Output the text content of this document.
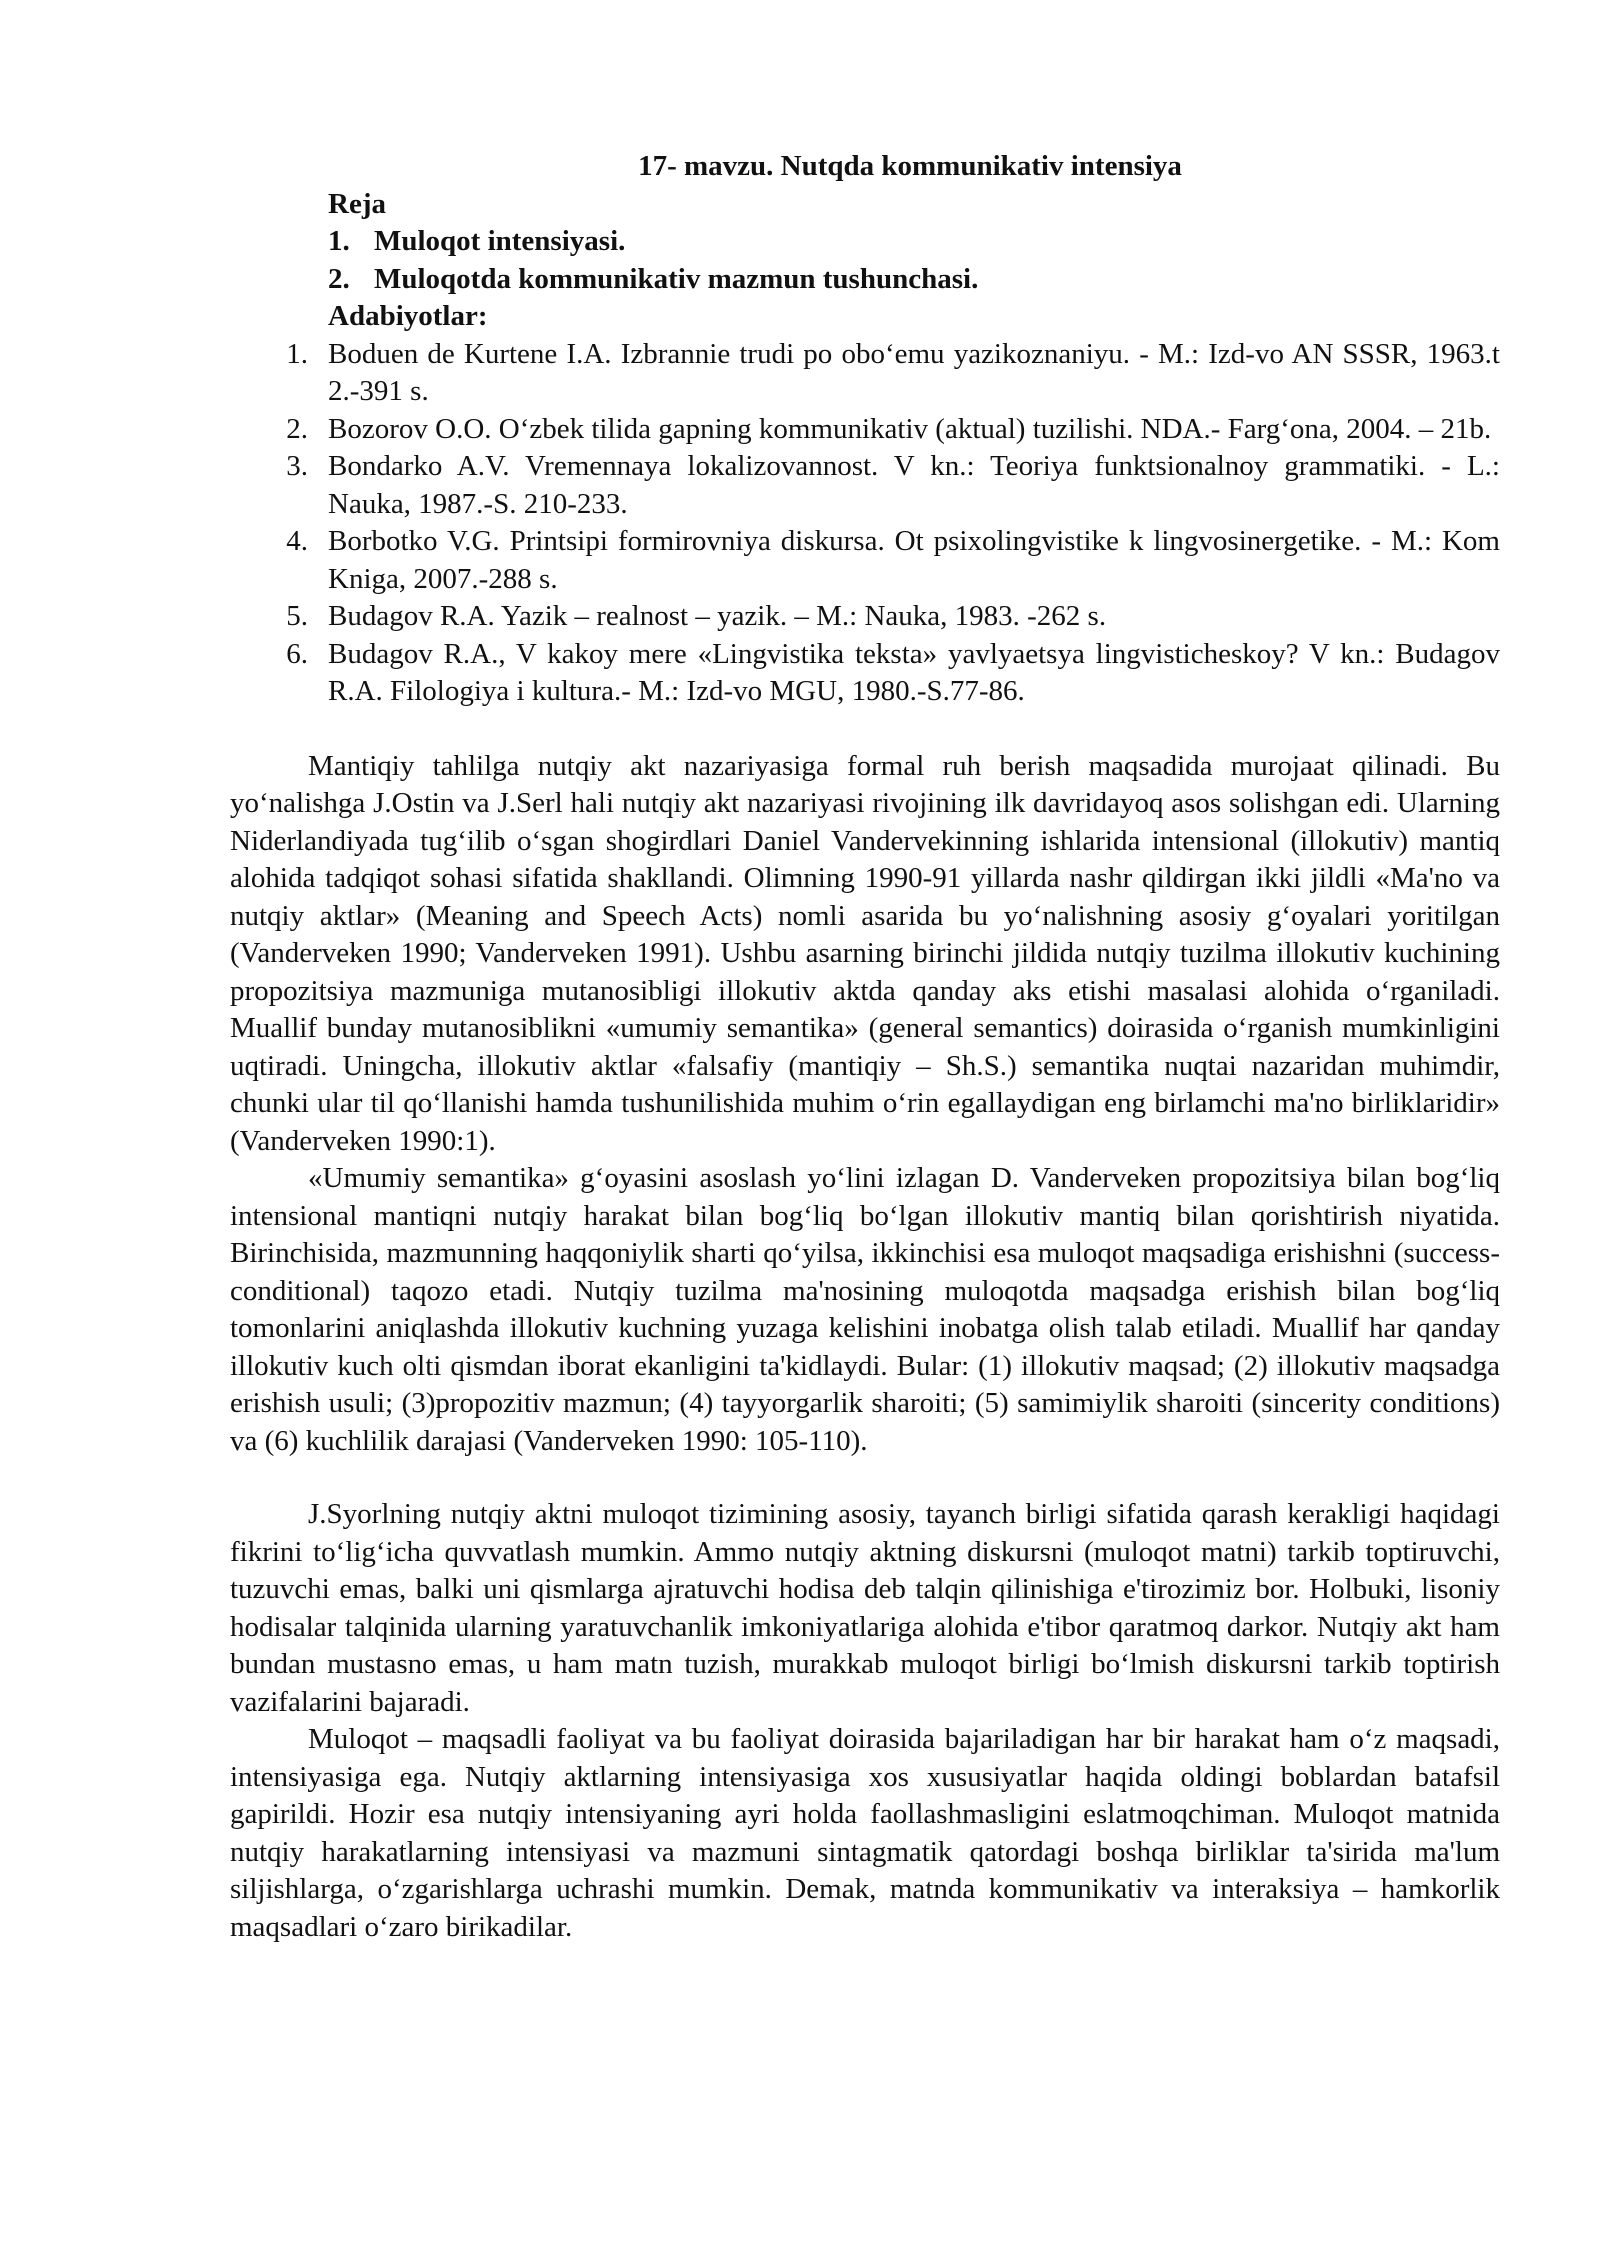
17- mavzu. Nutqda kommunikativ intensiya
Reja
1. Muloqot intensiyasi.
2. Muloqotda kommunikativ mazmun tushunchasi.
Adabiyotlar:
1. Boduen de Kurtene I.A. Izbrannie trudi po obo‘emu yazikoznaniyu. - M.: Izd-vo AN SSSR, 1963.t 2.-391 s.
2. Bozorov O.O. O‘zbek tilida gapning kommunikativ (aktual) tuzilishi. NDA.- Farg‘ona, 2004. – 21b.
3. Bondarko A.V. Vremennaya lokalizovannost. V kn.: Teoriya funktsionalnoy grammatiki. - L.: Nauka, 1987.-S. 210-233.
4. Borbotko V.G. Printsipi formirovniya diskursa. Ot psixolingvistike k lingvosinergetike. - M.: Kom Kniga, 2007.-288 s.
5. Budagov R.A. Yazik – realnost – yazik. – M.: Nauka, 1983. -262 s.
6. Budagov R.A., V kakoy mere «Lingvistika teksta» yavlyaetsya lingvisticheskoy? V kn.: Budagov R.A. Filologiya i kultura.- M.: Izd-vo MGU, 1980.-S.77-86.

Mantiqiy tahlilga nutqiy akt nazariyasiga formal ruh berish maqsadida murojaat qilinadi. Bu yo‘nalishga J.Ostin va J.Serl hali nutqiy akt nazariyasi rivojining ilk davridayoq asos solishgan edi. Ularning Niderlandiyada tug‘ilib o‘sgan shogirdlari Daniel Vandervekinning ishlarida intensional (illokutiv) mantiq alohida tadqiqot sohasi sifatida shakllandi. Olimning 1990-91 yillarda nashr qildirgan ikki jildli «Ma'no va nutqiy aktlar» (Meaning and Speech Acts) nomli asarida bu yo‘nalishning asosiy g‘oyalari yoritilgan (Vanderveken 1990; Vanderveken 1991). Ushbu asarning birinchi jildida nutqiy tuzilma illokutiv kuchining propozitsiya mazmuniga mutanosibligi illokutiv aktda qanday aks etishi masalasi alohida o‘rganiladi. Muallif bunday mutanosiblikni «umumiy semantika» (general semantics) doirasida o‘rganish mumkinligini uqtiradi. Uningcha, illokutiv aktlar «falsafiy (mantiqiy – Sh.S.) semantika nuqtai nazaridan muhimdir, chunki ular til qo‘llanishi hamda tushunilishida muhim o‘rin egallaydigan eng birlamchi ma'no birliklaridir» (Vanderveken 1990:1).

«Umumiy semantika» g‘oyasini asoslash yo‘lini izlagan D. Vanderveken propozitsiya bilan bog‘liq intensional mantiqni nutqiy harakat bilan bog‘liq bo‘lgan illokutiv mantiq bilan qorishtirish niyatida. Birinchisida, mazmunning haqqoniylik sharti qo‘yilsa, ikkinchisi esa muloqot maqsadiga erishishni (success- conditional) taqozo etadi. Nutqiy tuzilma ma'nosining muloqotda maqsadga erishish bilan bog‘liq tomonlarini aniqlashda illokutiv kuchning yuzaga kelishini inobatga olish talab etiladi. Muallif har qanday illokutiv kuch olti qismdan iborat ekanligini ta'kidlaydi. Bular: (1) illokutiv maqsad; (2) illokutiv maqsadga erishish usuli; (3)propozitiv mazmun; (4) tayyorgarlik sharoiti; (5) samimiylik sharoiti (sincerity conditions) va (6) kuchlilik darajasi (Vanderveken 1990: 105-110).

J.Syorlning nutqiy aktni muloqot tizimining asosiy, tayanch birligi sifatida qarash kerakligi haqidagi fikrini to‘lig‘icha quvvatlash mumkin. Ammo nutqiy aktning diskursni (muloqot matni) tarkib toptiruvchi, tuzuvchi emas, balki uni qismlarga ajratuvchi hodisa deb talqin qilinishiga e'tirozimiz bor. Holbuki, lisoniy hodisalar talqinida ularning yaratuvchanlik imkoniyatlariga alohida e'tibor qaratmoq darkor. Nutqiy akt ham bundan mustasno emas, u ham matn tuzish, murakkab muloqot birligi bo‘lmish diskursni tarkib toptirish vazifalarini bajaradi.

Muloqot – maqsadli faoliyat va bu faoliyat doirasida bajariladigan har bir harakat ham o‘z maqsadi, intensiyasiga ega. Nutqiy aktlarning intensiyasiga xos xususiyatlar haqida oldingi boblardan batafsil gapirildi. Hozir esa nutqiy intensiyaning ayri holda faollashmasligini eslatmoqchiman. Muloqot matnida nutqiy harakatlarning intensiyasi va mazmuni sintagmatik qatordagi boshqa birliklar ta'sirida ma'lum siljishlarga, o‘zgarishlarga uchrashi mumkin. Demak, matnda kommunikativ va interaksiya – hamkorlik maqsadlari o‘zaro birikadilar.
